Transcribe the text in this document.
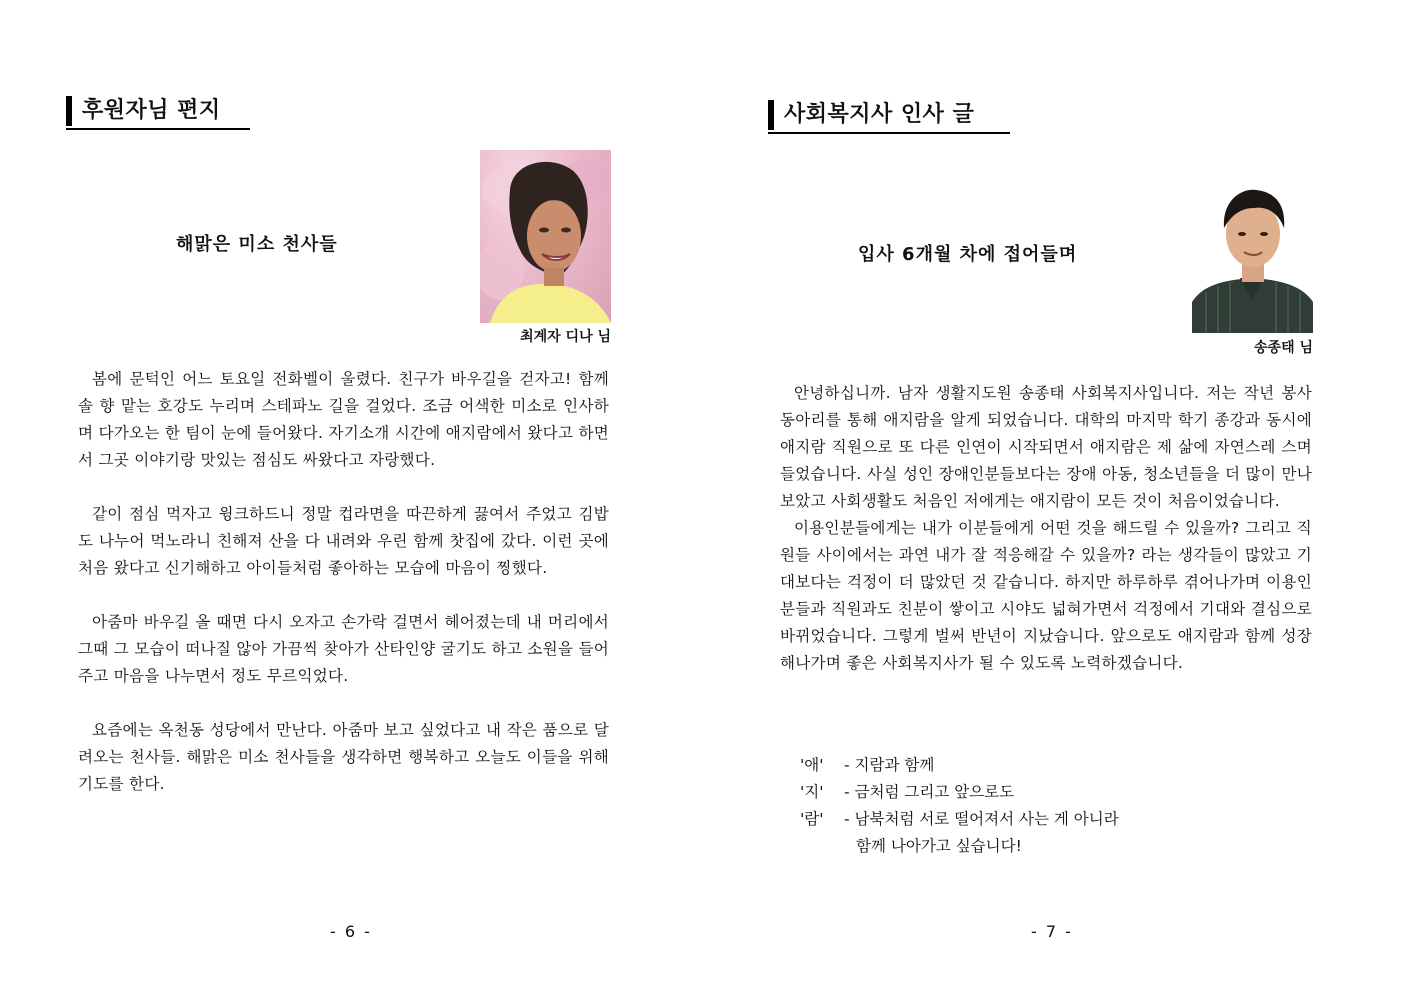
후원자님 편지
해맑은 미소 천사들
최계자 디나 님

봄에 문턱인 어느 토요일 전화벨이 울렸다. 친구가 바우길을 걷자고! 함께 솔 향 맡는 호강도 누리며 스테파노 길을 걸었다. 조금 어색한 미소로 인사하며 다가오는 한 팀이 눈에 들어왔다. 자기소개 시간에 애지람에서 왔다고 하면서 그곳 이야기랑 맛있는 점심도 싸왔다고 자랑했다.

같이 점심 먹자고 윙크하드니 정말 컵라면을 따끈하게 끓여서 주었고 김밥도 나누어 먹노라니 친해져 산을 다 내려와 우린 함께 찻집에 갔다. 이런 곳에 처음 왔다고 신기해하고 아이들처럼 좋아하는 모습에 마음이 찡했다.

아줌마 바우길 올 때면 다시 오자고 손가락 걸면서 헤어졌는데 내 머리에서 그때 그 모습이 떠나질 않아 가끔씩 찾아가 산타인양 굴기도 하고 소원을 들어주고 마음을 나누면서 정도 무르익었다.

요즘에는 옥천동 성당에서 만난다. 아줌마 보고 싶었다고 내 작은 품으로 달려오는 천사들. 해맑은 미소 천사들을 생각하면 행복하고 오늘도 이들을 위해 기도를 한다.

- 6 -
사회복지사 인사 글
입사 6개월 차에 접어들며
송종태 님

안녕하십니까. 남자 생활지도원 송종태 사회복지사입니다. 저는 작년 봉사 동아리를 통해 애지람을 알게 되었습니다. 대학의 마지막 학기 종강과 동시에 애지람 직원으로 또 다른 인연이 시작되면서 애지람은 제 삶에 자연스레 스며들었습니다. 사실 성인 장애인분들보다는 장애 아동, 청소년들을 더 많이 만나보았고 사회생활도 처음인 저에게는 애지람이 모든 것이 처음이었습니다.

이용인분들에게는 내가 이분들에게 어떤 것을 해드릴 수 있을까? 그리고 직원들 사이에서는 과연 내가 잘 적응해갈 수 있을까? 라는 생각들이 많았고 기대보다는 걱정이 더 많았던 것 같습니다. 하지만 하루하루 겪어나가며 이용인분들과 직원과도 친분이 쌓이고 시야도 넓혀가면서 걱정에서 기대와 결심으로 바뀌었습니다. 그렇게 벌써 반년이 지났습니다. 앞으로도 애지람과 함께 성장해나가며 좋은 사회복지사가 될 수 있도록 노력하겠습니다.

'애'	- 지람과 함께
'지'	- 금처럼 그리고 앞으로도
'람'	- 남북처럼 서로 떨어져서 사는 게 아니라
함께 나아가고 싶습니다!
- 7 -
